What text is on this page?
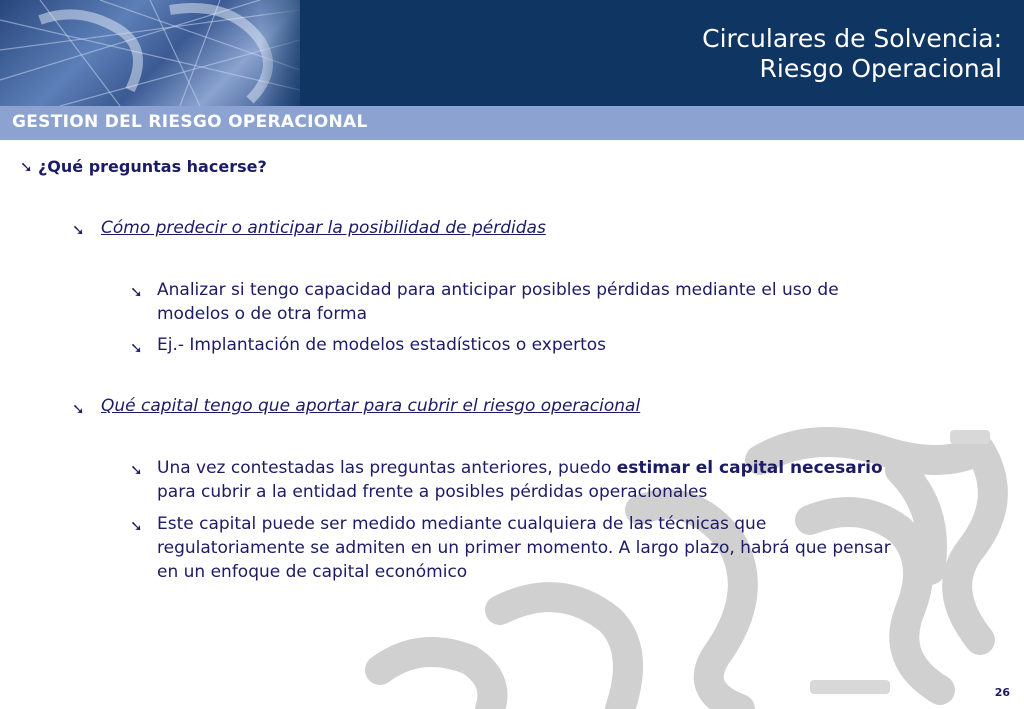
Circulares de Solvencia:
Riesgo Operacional
GESTION DEL RIESGO OPERACIONAL
➘ ¿Qué preguntas hacerse?
➘ Cómo predecir o anticipar la posibilidad de pérdidas
➘ Analizar si tengo capacidad para anticipar posibles pérdidas mediante el uso de
modelos o de otra forma
➘ Ej.- Implantación de modelos estadísticos o expertos
➘ Qué capital tengo que aportar para cubrir el riesgo operacional
➘ Una vez contestadas las preguntas anteriores, puedo estimar el capital necesario
para cubrir a la entidad frente a posibles pérdidas operacionales
➘ Este capital puede ser medido mediante cualquiera de las técnicas que
regulatoriamente se admiten en un primer momento. A largo plazo, habrá que pensar
en un enfoque de capital económico
26
